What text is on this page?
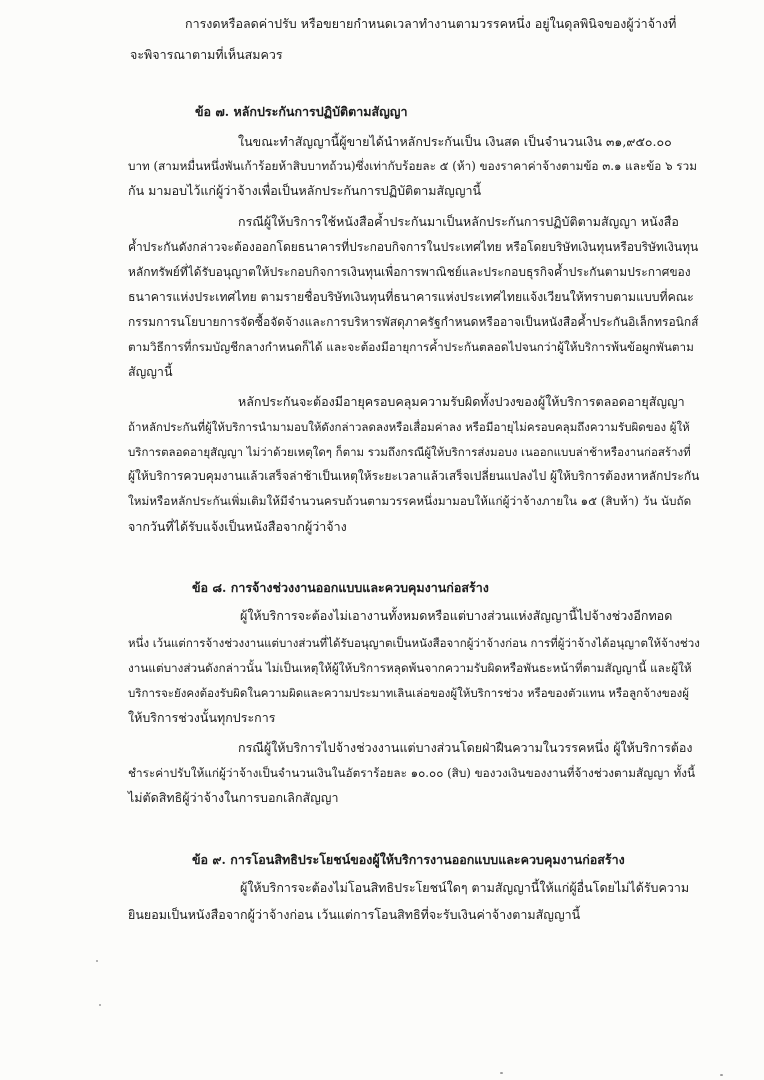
การงดหรือลดค่าปรับ หรือขยายกำหนดเวลาทำงานตามวรรคหนึ่ง อยู่ในดุลพินิจของผู้ว่าจ้างที่
จะพิจารณาตามที่เห็นสมควร
ข้อ ๗. หลักประกันการปฏิบัติตามสัญญา
ในขณะทำสัญญานี้ผู้ขายได้นำหลักประกันเป็น เงินสด เป็นจำนวนเงิน ๓๑,๙๕๐.๐๐
บาท (สามหมื่นหนึ่งพันเก้าร้อยห้าสิบบาทถ้วน)ซึ่งเท่ากับร้อยละ ๕ (ห้า) ของราคาค่าจ้างตามข้อ ๓.๑ และข้อ ๖ รวม
กัน มามอบไว้แก่ผู้ว่าจ้างเพื่อเป็นหลักประกันการปฏิบัติตามสัญญานี้
กรณีผู้ให้บริการใช้หนังสือค้ำประกันมาเป็นหลักประกันการปฏิบัติตามสัญญา หนังสือ
ค้ำประกันดังกล่าวจะต้องออกโดยธนาคารที่ประกอบกิจการในประเทศไทย หรือโดยบริษัทเงินทุนหรือบริษัทเงินทุน
หลักทรัพย์ที่ได้รับอนุญาตให้ประกอบกิจการเงินทุนเพื่อการพาณิชย์และประกอบธุรกิจค้ำประกันตามประกาศของ
ธนาคารแห่งประเทศไทย ตามรายชื่อบริษัทเงินทุนที่ธนาคารแห่งประเทศไทยแจ้งเวียนให้ทราบตามแบบที่คณะ
กรรมการนโยบายการจัดซื้อจัดจ้างและการบริหารพัสดุภาครัฐกำหนดหรืออาจเป็นหนังสือค้ำประกันอิเล็กทรอนิกส์
ตามวิธีการที่กรมบัญชีกลางกำหนดก็ได้ และจะต้องมีอายุการค้ำประกันตลอดไปจนกว่าผู้ให้บริการพ้นข้อผูกพันตาม
สัญญานี้
หลักประกันจะต้องมีอายุครอบคลุมความรับผิดทั้งปวงของผู้ให้บริการตลอดอายุสัญญา
ถ้าหลักประกันที่ผู้ให้บริการนำมามอบให้ดังกล่าวลดลงหรือเสื่อมค่าลง หรือมีอายุไม่ครอบคลุมถึงความรับผิดของ ผู้ให้
บริการตลอดอายุสัญญา ไม่ว่าด้วยเหตุใดๆ ก็ตาม รวมถึงกรณีผู้ให้บริการส่งมอบง เนออกแบบล่าช้าหรืองานก่อสร้างที่
ผู้ให้บริการควบคุมงานแล้วเสร็จล่าช้าเป็นเหตุให้ระยะเวลาแล้วเสร็จเปลี่ยนแปลงไป ผู้ให้บริการต้องหาหลักประกัน
ใหม่หรือหลักประกันเพิ่มเติมให้มีจำนวนครบถ้วนตามวรรคหนึ่งมามอบให้แก่ผู้ว่าจ้างภายใน ๑๕ (สิบห้า) วัน นับถัด
จากวันที่ได้รับแจ้งเป็นหนังสือจากผู้ว่าจ้าง
ข้อ ๘. การจ้างช่วงงานออกแบบและควบคุมงานก่อสร้าง
ผู้ให้บริการจะต้องไม่เอางานทั้งหมดหรือแต่บางส่วนแห่งสัญญานี้ไปจ้างช่วงอีกทอด
หนึ่ง เว้นแต่การจ้างช่วงงานแต่บางส่วนที่ได้รับอนุญาตเป็นหนังสือจากผู้ว่าจ้างก่อน การที่ผู้ว่าจ้างได้อนุญาตให้จ้างช่วง
งานแต่บางส่วนดังกล่าวนั้น ไม่เป็นเหตุให้ผู้ให้บริการหลุดพ้นจากความรับผิดหรือพันธะหน้าที่ตามสัญญานี้ และผู้ให้
บริการจะยังคงต้องรับผิดในความผิดและความประมาทเลินเล่อของผู้ให้บริการช่วง หรือของตัวแทน หรือลูกจ้างของผู้
ให้บริการช่วงนั้นทุกประการ
กรณีผู้ให้บริการไปจ้างช่วงงานแต่บางส่วนโดยฝ่าฝืนความในวรรคหนึ่ง ผู้ให้บริการต้อง
ชำระค่าปรับให้แก่ผู้ว่าจ้างเป็นจำนวนเงินในอัตราร้อยละ ๑๐.๐๐ (สิบ) ของวงเงินของงานที่จ้างช่วงตามสัญญา ทั้งนี้
ไม่ตัดสิทธิผู้ว่าจ้างในการบอกเลิกสัญญา
ข้อ ๙. การโอนสิทธิประโยชน์ของผู้ให้บริการงานออกแบบและควบคุมงานก่อสร้าง
ผู้ให้บริการจะต้องไม่โอนสิทธิประโยชน์ใดๆ ตามสัญญานี้ให้แก่ผู้อื่นโดยไม่ได้รับความ
ยินยอมเป็นหนังสือจากผู้ว่าจ้างก่อน เว้นแต่การโอนสิทธิที่จะรับเงินค่าจ้างตามสัญญานี้
